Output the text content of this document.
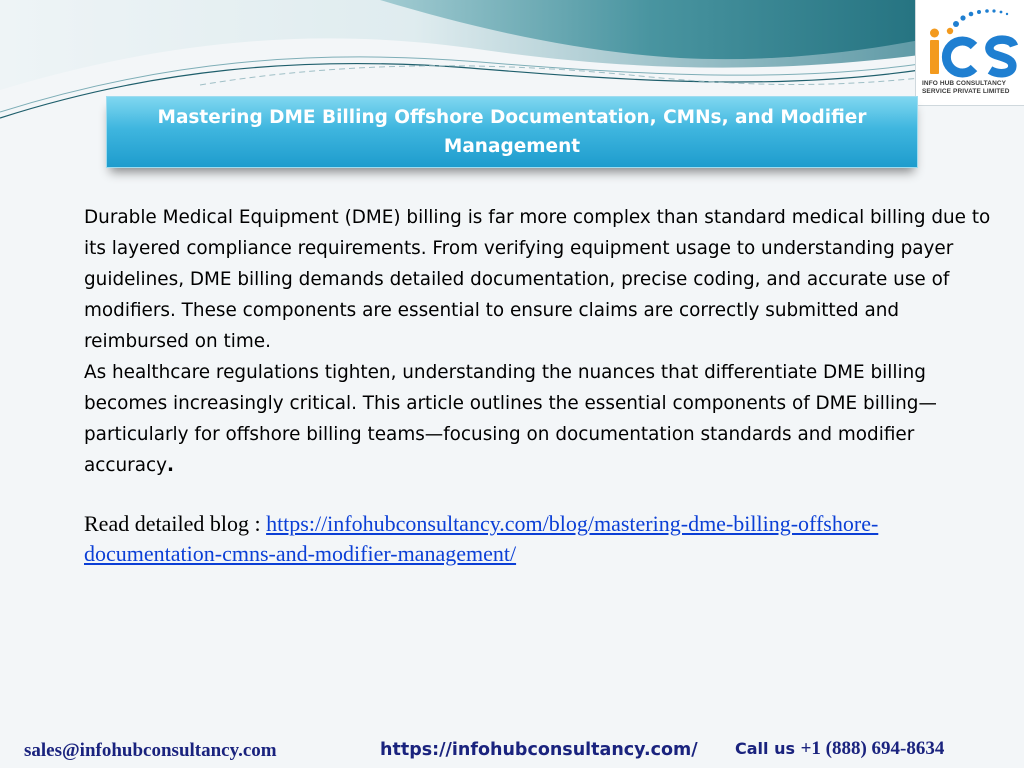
INFO HUB CONSULTANCY
SERVICE PRIVATE LIMITED
Mastering DME Billing Offshore Documentation, CMNs, and Modifier Management

Durable Medical Equipment (DME) billing is far more complex than standard medical billing due to its layered compliance requirements. From verifying equipment usage to understanding payer guidelines, DME billing demands detailed documentation, precise coding, and accurate use of modifiers. These components are essential to ensure claims are correctly submitted and reimbursed on time.

As healthcare regulations tighten, understanding the nuances that differentiate DME billing becomes increasingly critical. This article outlines the essential components of DME billing—particularly for offshore billing teams—focusing on documentation standards and modifier accuracy.

Read detailed blog : https://infohubconsultancy.com/blog/mastering-dme-billing-offshore-documentation-cmns-and-modifier-management/
sales@infohubconsultancy.com	https://infohubconsultancy.com/ Call us +1 (888) 694-8634
